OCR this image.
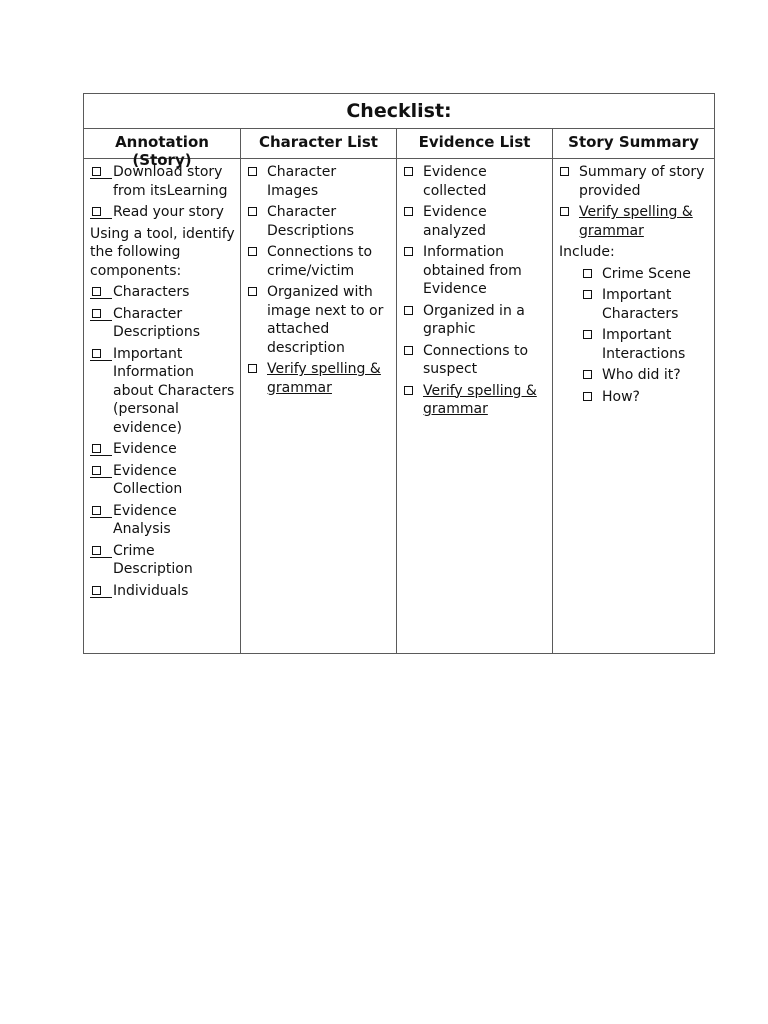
Checklist:
Annotation (Story)
Character List	Evidence List	Story Summary
Download story from itsLearning
Read your story
Using a tool, identify the following components:
Characters
Character Descriptions
Important Information about Characters (personal evidence)
Evidence
Evidence Collection
Evidence Analysis
Crime Description
Individuals
Character Images
Character Descriptions
Connections to crime/victim
Organized with image next to or attached description
Verify spelling & grammar
Evidence collected
Evidence analyzed
Information obtained from Evidence
Organized in a graphic
Connections to suspect
Verify spelling & grammar
Summary of story provided
Verify spelling & grammar
Include:
Crime Scene
Important Characters
Important Interactions
Who did it?
How?
